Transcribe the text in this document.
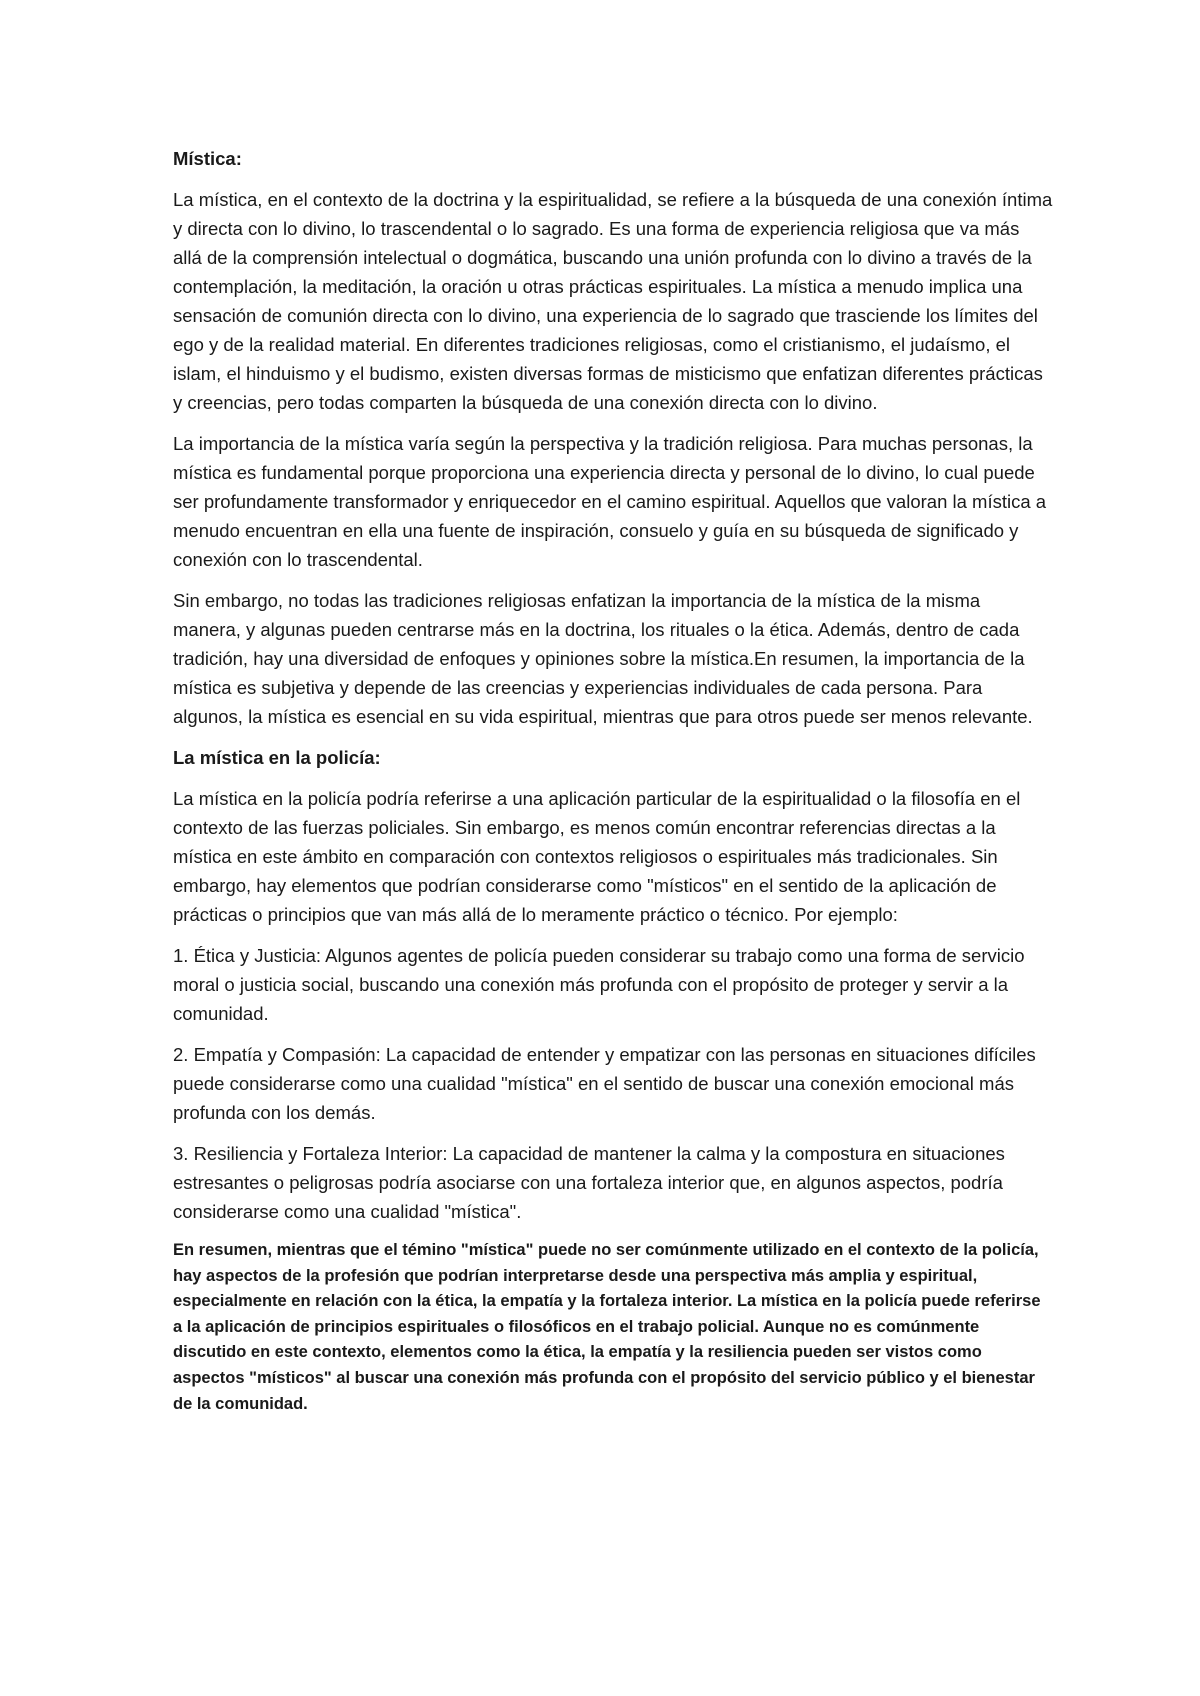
Mística:

La mística, en el contexto de la doctrina y la espiritualidad, se refiere a la búsqueda de una conexión íntima y directa con lo divino, lo trascendental o lo sagrado. Es una forma de experiencia religiosa que va más allá de la comprensión intelectual o dogmática, buscando una unión profunda con lo divino a través de la contemplación, la meditación, la oración u otras prácticas espirituales. La mística a menudo implica una sensación de comunión directa con lo divino, una experiencia de lo sagrado que trasciende los límites del ego y de la realidad material. En diferentes tradiciones religiosas, como el cristianismo, el judaísmo, el islam, el hinduismo y el budismo, existen diversas formas de misticismo que enfatizan diferentes prácticas y creencias, pero todas comparten la búsqueda de una conexión directa con lo divino.

La importancia de la mística varía según la perspectiva y la tradición religiosa. Para muchas personas, la mística es fundamental porque proporciona una experiencia directa y personal de lo divino, lo cual puede ser profundamente transformador y enriquecedor en el camino espiritual. Aquellos que valoran la mística a menudo encuentran en ella una fuente de inspiración, consuelo y guía en su búsqueda de significado y conexión con lo trascendental.

Sin embargo, no todas las tradiciones religiosas enfatizan la importancia de la mística de la misma manera, y algunas pueden centrarse más en la doctrina, los rituales o la ética. Además, dentro de cada tradición, hay una diversidad de enfoques y opiniones sobre la mística.En resumen, la importancia de la mística es subjetiva y depende de las creencias y experiencias individuales de cada persona. Para algunos, la mística es esencial en su vida espiritual, mientras que para otros puede ser menos relevante.

La mística en la policía:

La mística en la policía podría referirse a una aplicación particular de la espiritualidad o la filosofía en el contexto de las fuerzas policiales. Sin embargo, es menos común encontrar referencias directas a la mística en este ámbito en comparación con contextos religiosos o espirituales más tradicionales. Sin embargo, hay elementos que podrían considerarse como "místicos" en el sentido de la aplicación de prácticas o principios que van más allá de lo meramente práctico o técnico. Por ejemplo:

1. Ética y Justicia: Algunos agentes de policía pueden considerar su trabajo como una forma de servicio moral o justicia social, buscando una conexión más profunda con el propósito de proteger y servir a la comunidad.

2. Empatía y Compasión: La capacidad de entender y empatizar con las personas en situaciones difíciles puede considerarse como una cualidad "mística" en el sentido de buscar una conexión emocional más profunda con los demás.

3. Resiliencia y Fortaleza Interior: La capacidad de mantener la calma y la compostura en situaciones estresantes o peligrosas podría asociarse con una fortaleza interior que, en algunos aspectos, podría considerarse como una cualidad "mística".

En resumen, mientras que el témino "mística" puede no ser comúnmente utilizado en el contexto de la policía, hay aspectos de la profesión que podrían interpretarse desde una perspectiva más amplia y espiritual, especialmente en relación con la ética, la empatía y la fortaleza interior. La mística en la policía puede referirse a la aplicación de principios espirituales o filosóficos en el trabajo policial. Aunque no es comúnmente discutido en este contexto, elementos como la ética, la empatía y la resiliencia pueden ser vistos como aspectos "místicos" al buscar una conexión más profunda con el propósito del servicio público y el bienestar de la comunidad.
